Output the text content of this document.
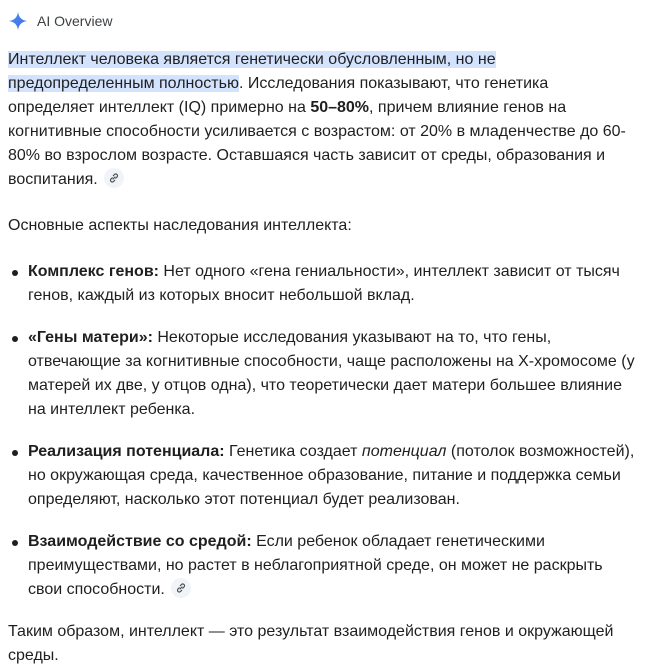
AI Overview

Интеллект человека является генетически обусловленным, но не предопределенным полностью. Исследования показывают, что генетика определяет интеллект (IQ) примерно на 50–80%, причем влияние генов на когнитивные способности усиливается с возрастом: от 20% в младенчестве до 60-80% во взрослом возрасте. Оставшаяся часть зависит от среды, образования и воспитания.

Основные аспекты наследования интеллекта:

Комплекс генов: Нет одного «гена гениальности», интеллект зависит от тысяч генов, каждый из которых вносит небольшой вклад.
«Гены матери»: Некоторые исследования указывают на то, что гены, отвечающие за когнитивные способности, чаще расположены на X-хромосоме (у матерей их две, у отцов одна), что теоретически дает матери большее влияние на интеллект ребенка.
Реализация потенциала: Генетика создает потенциал (потолок возможностей), но окружающая среда, качественное образование, питание и поддержка семьи определяют, насколько этот потенциал будет реализован.
Взаимодействие со средой: Если ребенок обладает генетическими преимуществами, но растет в неблагоприятной среде, он может не раскрыть свои способности.

Таким образом, интеллект — это результат взаимодействия генов и окружающей среды.
